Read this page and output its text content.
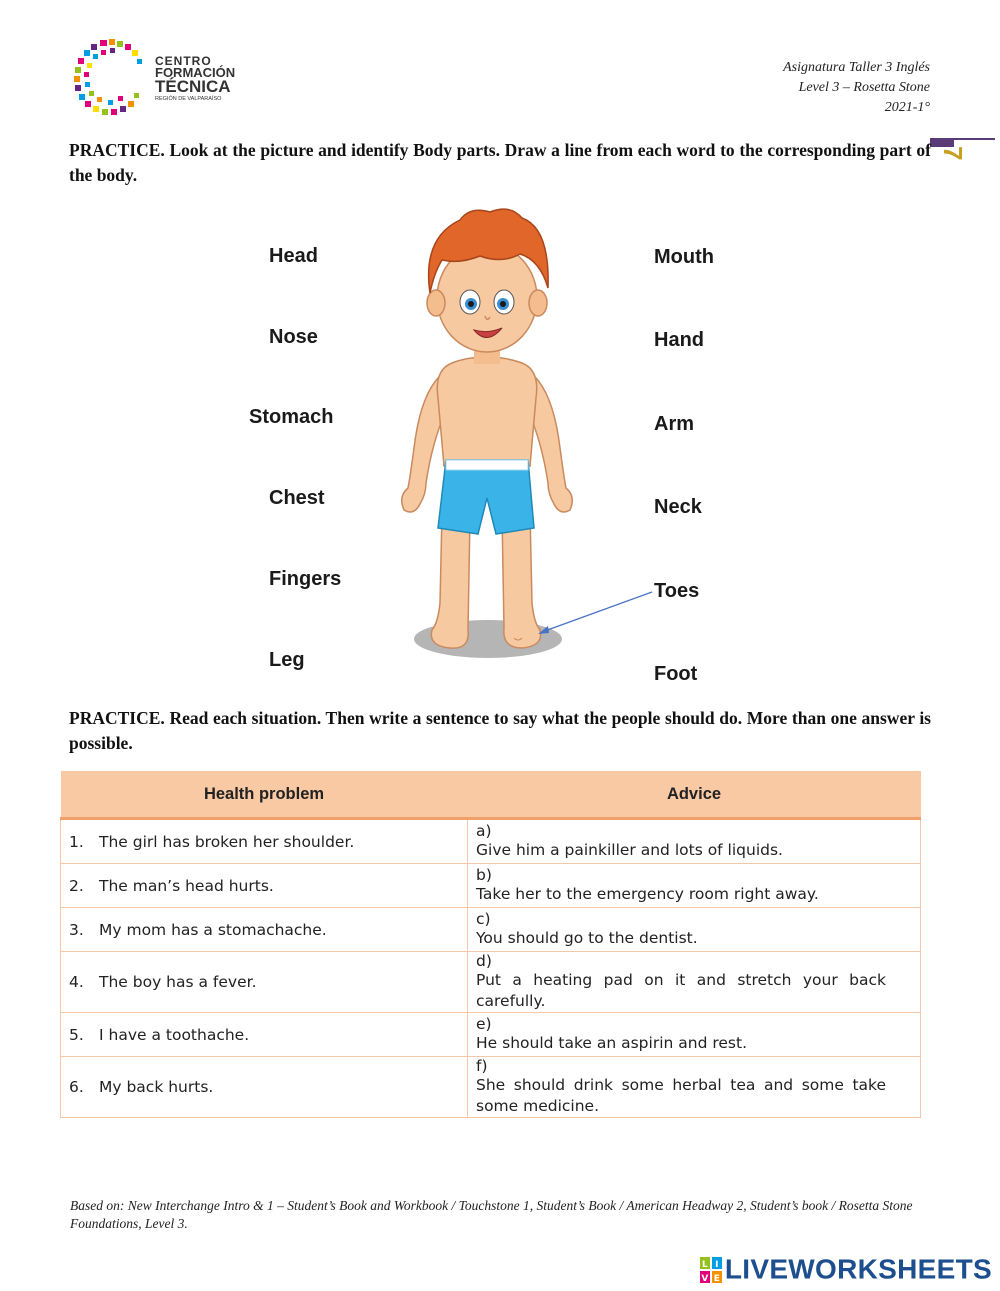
CENTRO
FORMACIÓN
TÉCNICA
REGIÓN DE VALPARAÍSO
Asignatura Taller 3 Inglés
Level 3 – Rosetta Stone
2021-1°
7
PRACTICE. Look at the picture and identify Body parts. Draw a line from each word to the corresponding part of the body.
Head
Nose
Stomach
Chest
Fingers
Leg
Mouth
Hand
Arm
Neck
Toes
Foot
PRACTICE. Read each situation. Then write a sentence to say what the people should do. More than one answer is possible.
Health problem	Advice
1. The girl has broken her shoulder.	a)Give him a painkiller and lots of liquids.
2. The man’s head hurts.	b)Take her to the emergency room right away.
3. My mom has a stomachache.	c)You should go to the dentist.
4. The boy has a fever.	d)Put a heating pad on it and stretch your back carefully.
5. I have a toothache.	e)He should take an aspirin and rest.
6. My back hurts.	f)She should drink some herbal tea and some take some medicine.
Based on: New Interchange Intro & 1 – Student’s Book and Workbook / Touchstone 1, Student’s Book / American Headway 2, Student’s book / Rosetta Stone Foundations, Level 3.
L I
V E LIVEWORKSHEETS
